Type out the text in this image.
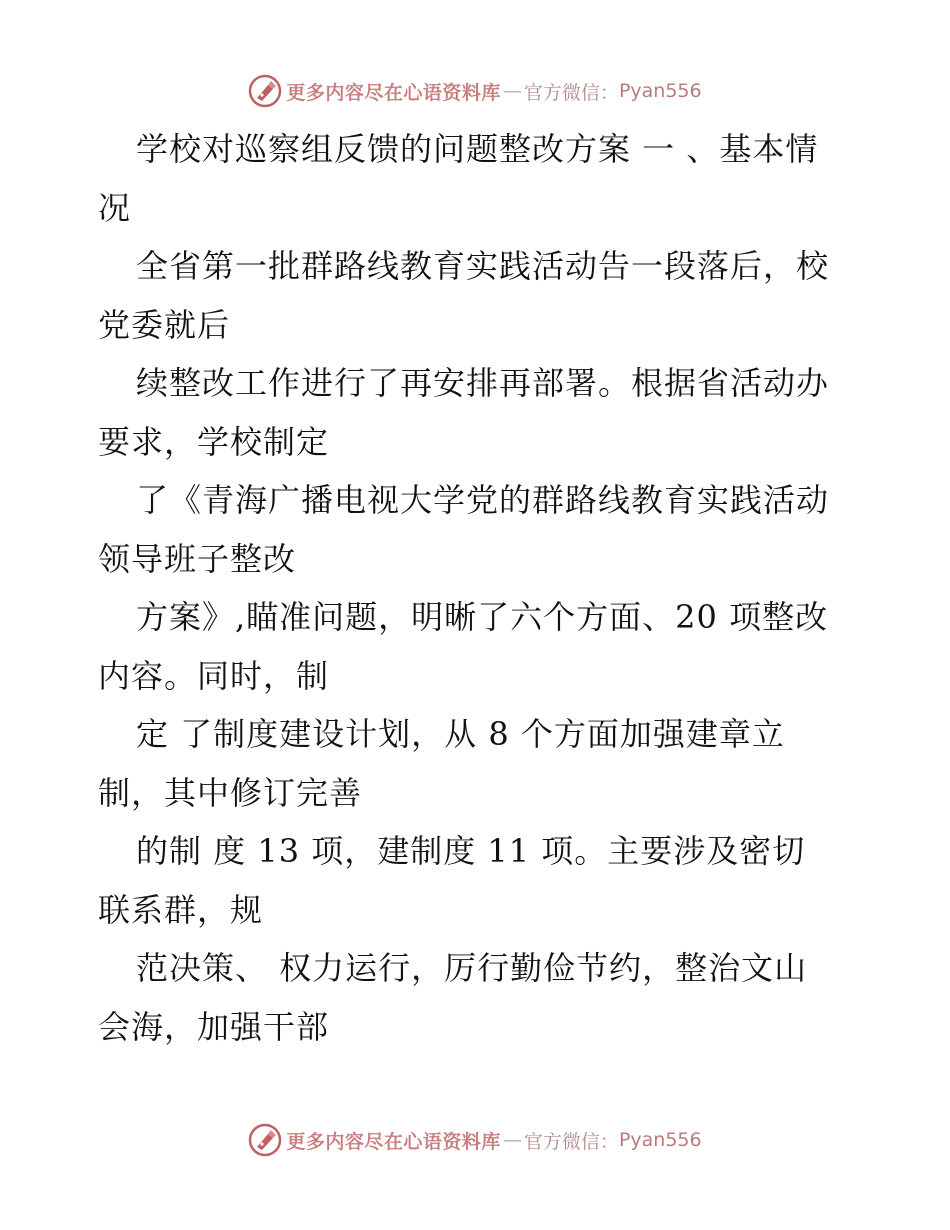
更多内容尽在心语资料库 — 官方微信： Pyan556
学校对巡察组反馈的问题整改方案 一 、基本情
况
全省第一批群路线教育实践活动告一段落后，校
党委就后
续整改工作进行了再安排再部署。根据省活动办
要求，学校制定
了《青海广播电视大学党的群路线教育实践活动
领导班子整改
方案》,瞄准问题，明晰了六个方面、20 项整改
内容。同时，制
定 了制度建设计划，从 8 个方面加强建章立
制，其中修订完善
的制 度 13 项，建制度 11 项。主要涉及密切
联系群，规
范决策、 权力运行，厉行勤俭节约，整治文山
会海，加强干部
更多内容尽在心语资料库 — 官方微信： Pyan556
